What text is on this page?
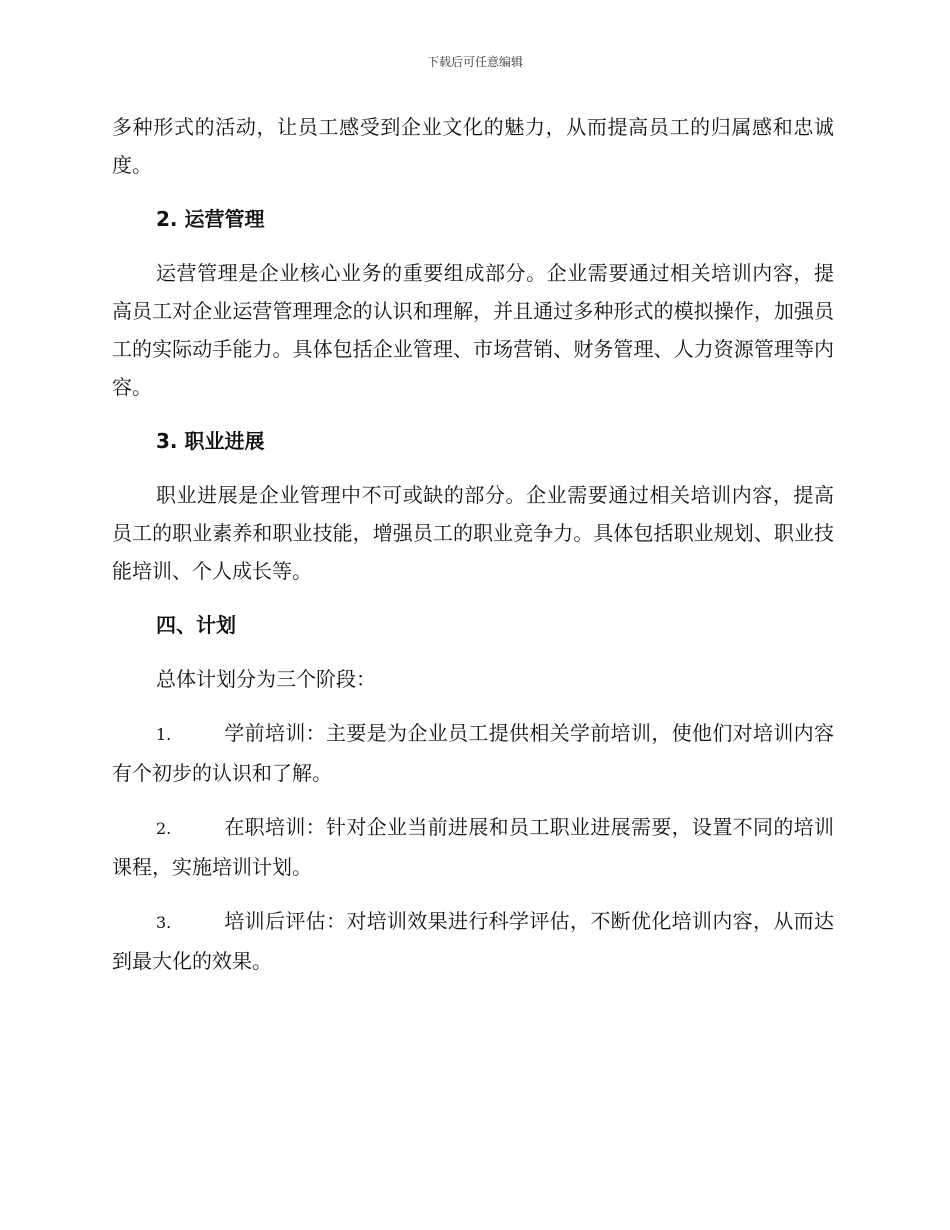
下载后可任意编辑

多种形式的活动，让员工感受到企业文化的魅力，从而提高员工的归属感和忠诚度。

2. 运营管理

运营管理是企业核心业务的重要组成部分。企业需要通过相关培训内容，提高员工对企业运营管理理念的认识和理解，并且通过多种形式的模拟操作，加强员工的实际动手能力。具体包括企业管理、市场营销、财务管理、人力资源管理等内容。

3. 职业进展

职业进展是企业管理中不可或缺的部分。企业需要通过相关培训内容，提高员工的职业素养和职业技能，增强员工的职业竞争力。具体包括职业规划、职业技能培训、个人成长等。

四、计划

总体计划分为三个阶段：

1.	学前培训：主要是为企业员工提供相关学前培训，使他们对培训内容有个初步的认识和了解。

2.	在职培训：针对企业当前进展和员工职业进展需要，设置不同的培训课程，实施培训计划。

3.	培训后评估：对培训效果进行科学评估，不断优化培训内容，从而达到最大化的效果。
